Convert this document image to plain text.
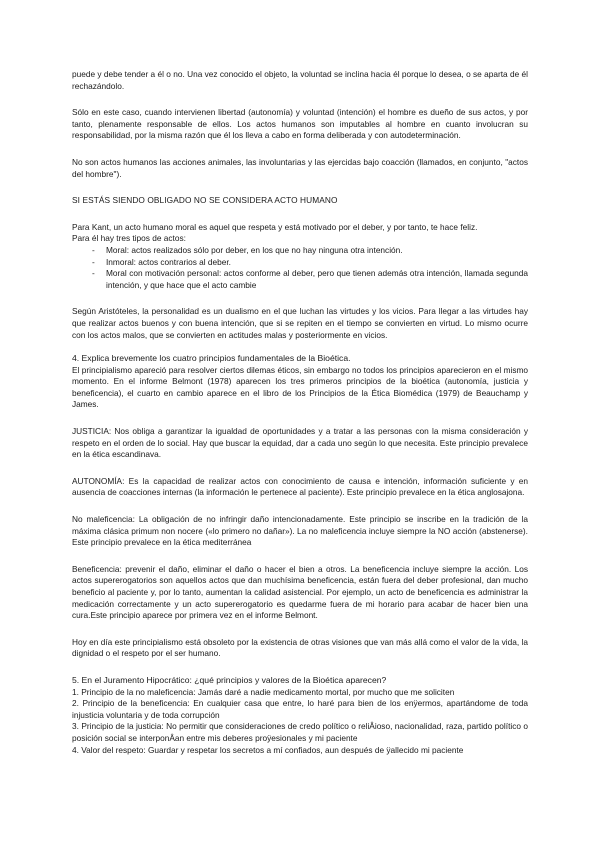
puede y debe tender a él o no. Una vez conocido el objeto, la voluntad se inclina hacia él porque lo desea, o se aparta de él rechazándolo.

Sólo en este caso, cuando intervienen libertad (autonomía) y voluntad (intención) el hombre es dueño de sus actos, y por tanto, plenamente responsable de ellos. Los actos humanos son imputables al hombre en cuanto involucran su responsabilidad, por la misma razón que él los lleva a cabo en forma deliberada y con autodeterminación.

No son actos humanos las acciones animales, las involuntarias y las ejercidas bajo coacción (llamados, en conjunto, "actos del hombre").

SI ESTÁS SIENDO OBLIGADO NO SE CONSIDERA ACTO HUMANO

Para Kant, un acto humano moral es aquel que respeta y está motivado por el deber, y por tanto, te hace feliz.

Para él hay tres tipos de actos:

- Moral: actos realizados sólo por deber, en los que no hay ninguna otra intención.
- Inmoral: actos contrarios al deber.
- Moral con motivación personal: actos conforme al deber, pero que tienen además otra intención, llamada segunda intención, y que hace que el acto cambie

Según Aristóteles, la personalidad es un dualismo en el que luchan las virtudes y los vicios. Para llegar a las virtudes hay que realizar actos buenos y con buena intención, que si se repiten en el tiempo se convierten en virtud. Lo mismo ocurre con los actos malos, que se convierten en actitudes malas y posteriormente en vicios.

4. Explica brevemente los cuatro principios fundamentales de la Bioética.

El principialismo apareció para resolver ciertos dilemas éticos, sin embargo no todos los principios aparecieron en el mismo momento. En el informe Belmont (1978) aparecen los tres primeros principios de la bioética (autonomía, justicia y beneficencia), el cuarto en cambio aparece en el libro de los Principios de la Ética Biomédica (1979) de Beauchamp y James.

JUSTICIA: Nos obliga a garantizar la igualdad de oportunidades y a tratar a las personas con la misma consideración y respeto en el orden de lo social. Hay que buscar la equidad, dar a cada uno según lo que necesita. Este principio prevalece en la ética escandinava.

AUTONOMÍA: Es la capacidad de realizar actos con conocimiento de causa e intención, información suficiente y en ausencia de coacciones internas (la información le pertenece al paciente). Este principio prevalece en la ética anglosajona.

No maleficencia: La obligación de no infringir daño intencionadamente. Este principio se inscribe en la tradición de la máxima clásica primum non nocere («lo primero no dañar»). La no maleficencia incluye siempre la NO acción (abstenerse). Este principio prevalece en la ética mediterránea

Beneficencia: prevenir el daño, eliminar el daño o hacer el bien a otros. La beneficencia incluye siempre la acción. Los actos supererogatorios son aquellos actos que dan muchísima beneficencia, están fuera del deber profesional, dan mucho beneficio al paciente y, por lo tanto, aumentan la calidad asistencial. Por ejemplo, un acto de beneficencia es administrar la medicación correctamente y un acto supererogatorio es quedarme fuera de mi horario para acabar de hacer bien una cura.Este principio aparece por primera vez en el informe Belmont.

Hoy en día este principialismo está obsoleto por la existencia de otras visiones que van más allá como el valor de la vida, la dignidad o el respeto por el ser humano.

5. En el Juramento Hipocrático: ¿qué principios y valores de la Bioética aparecen?

1. Principio de la no maleficencia: Jamás daré a nadie medicamento mortal, por mucho que me soliciten

2. Principio de la beneficencia: En cualquier casa que entre, lo haré para bien de los enÿermos, apartándome de toda injusticia voluntaria y de toda corrupción

3. Principio de la justicia: No permitir que consideraciones de credo político o reliÂioso, nacionalidad, raza, partido político o posición social se interponÂan entre mis deberes proÿesionales y mi paciente

4. Valor del respeto: Guardar y respetar los secretos a mí confiados, aun después de ÿallecido mi paciente
